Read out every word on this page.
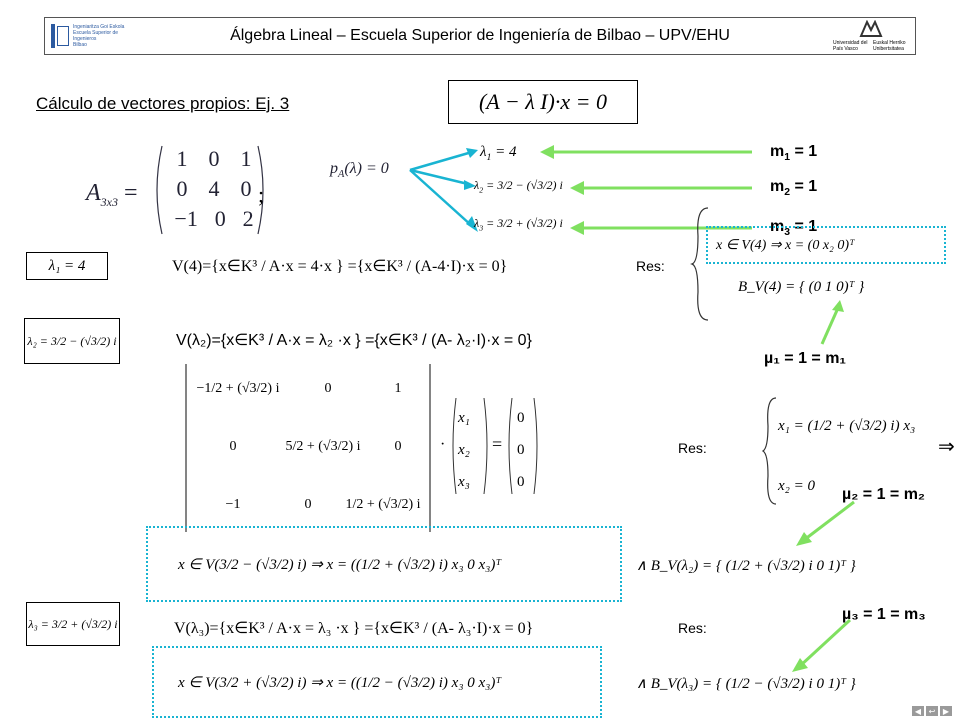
Ingeniaritza Goi Eskola
Escuela Superior de Ingenieros
Bilbao
Álgebra Lineal – Escuela Superior de Ingeniería de Bilbao – UPV/EHU	Universidad del País Vasco
Euskal Herriko Unibertsitatea
Cálculo de vectores propios: Ej. 3	(A − λ I)·x = 0
$A_{3x3}$ =
1 0 1
0 4 0
−1 0 2
;
$p_A(\lambda) = 0$
$\lambda_1 = 4$
$\lambda_2 = 3/2 - (√3/2)$ i
$\lambda_3 = 3/2 + (√3/2)$ i
$m_1 = 1$
$m_2 = 1$
$m_3 = 1$
λ₁ = 4	V(4)={x∈K³ / A·x = 4·x } ={x∈K³ / (A-4·I)·x = 0}	Res:
x ∈ V(4) ⇒ x = (0 x₂ 0)ᵀ
B_V(4) = { (0 1 0)ᵀ }
µ₁ = 1 = m₁
λ₂ = 3/2 − (√3/2) i	V(λ₂)={x∈K³ / A·x = λ₂ ·x } ={x∈K³ / (A- λ₂·I)·x = 0}
−1/2 + (√3/2) i	0	1
0	5/2 + (√3/2) i	0
−1	0	1/2 + (√3/2) i
·
x₁
x₂
x₃
=
0
0
0
Res:
x₁ = (1/2 + (√3/2) i) x₃
x₂ = 0
⇒
µ₂ = 1 = m₂
x ∈ V(3/2 − (√3/2) i) ⇒ x = ((1/2 + (√3/2) i) x₃ 0 x₃)ᵀ	∧ B_V(λ₂) = { (1/2 + (√3/2) i 0 1)ᵀ }
λ₃ = 3/2 + (√3/2) i	V(λ₃)={x∈K³ / A·x = λ₃ ·x } ={x∈K³ / (A- λ₃·I)·x = 0}	Res:
µ₃ = 1 = m₃
x ∈ V(3/2 + (√3/2) i) ⇒ x = ((1/2 − (√3/2) i) x₃ 0 x₃)ᵀ	∧ B_V(λ₃) = { (1/2 − (√3/2) i 0 1)ᵀ }
◀ ↩ ▶
